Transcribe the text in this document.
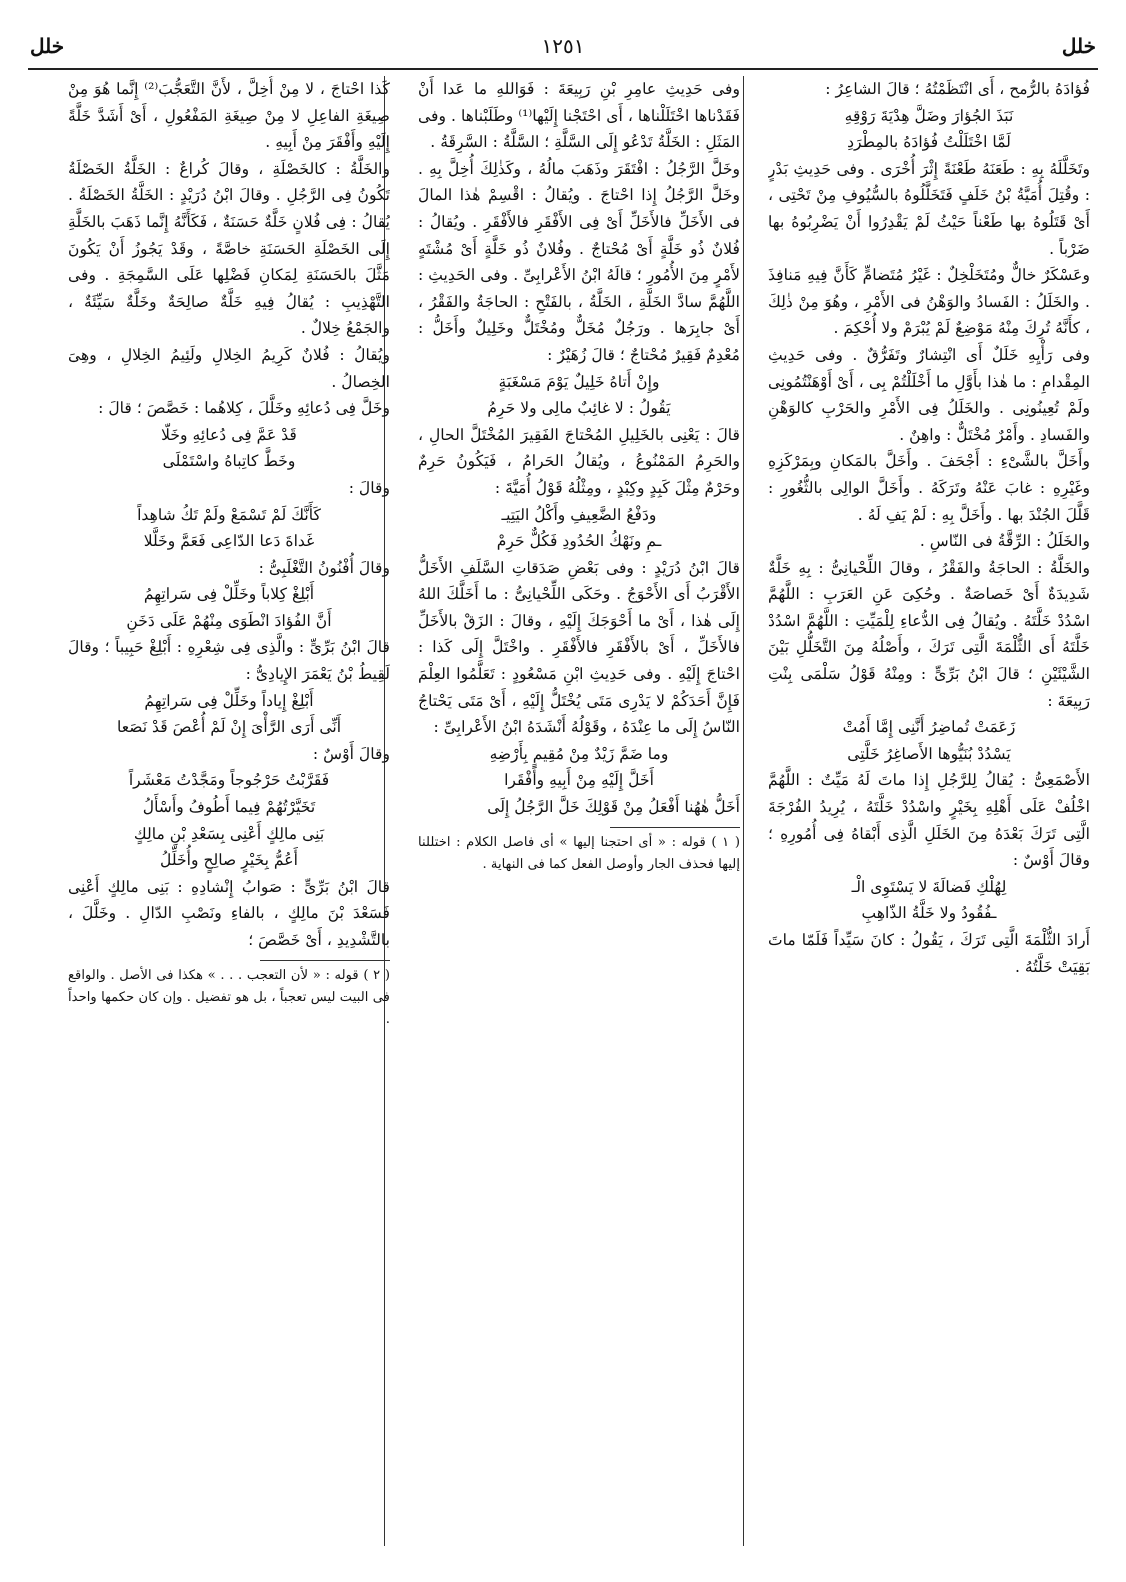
خلل
١٢٥١
خلل

فُؤادَهُ بالرُّمح ، أَى انْتَظَمْتُهُ ؛ قالَ الشاعِرُ :

نَبَذَ الجُؤارَ وضَلَّ هِدْيَةَ رَوْقِهِ

لَمَّا اخْتَلَلْتُ فُؤادَهُ بالمِطْرَدِ

وتَخَلَّلَهُ بِهِ : طَعَنَهُ طَعْنَةً إِثْرَ أُخْرَى . وفى حَدِيثِ بَدْرٍ : وقُتِلَ أُمَيَّةُ بْنُ خَلَفٍ فَتَخَلَّلُوهُ بالسُّيُوفِ مِنْ تَحْتِى ، أَىْ قَتَلُوهُ بها طَعْناً حَيْثُ لَمْ يَقْدِرُوا أَنْ يَضْرِبُوهُ بها ضَرْباً .

وعَسْكَرٌ خالٌّ ومُتَخَلْخِلٌ : غَيْرُ مُتَضامٍّ كَأَنَّ فِيهِ مَنافِذَ . والخَلَلُ : الفَسادُ والوَهْنُ فى الأَمْرِ ، وهُوَ مِنْ ذٰلِكَ ، كأَنَّهُ تُرِكَ مِنْهُ مَوْضِعٌ لَمْ يُبْرَمْ ولا أُحْكِمَ .

وفى رَأْيِهِ خَلَلٌ أَى انْتِشارٌ وتَفَرُّقٌ . وفى حَدِيثِ المِقْدامِ : ما هٰذا بأَوَّلِ ما أَخْلَلْتُمْ بِى ، أَىْ أَوْهَنْتُمُونِى ولَمْ تُعِينُونِى . والخَلَلُ فِى الأَمْرِ والحَرْبِ كالوَهْنِ والفَسادِ . وأَمْرٌ مُخْتَلٌّ : واهِنٌ .

وأَخَلَّ بالشَّىْءِ : أَجْحَفَ . وأَخَلَّ بالمَكانِ وبِمَرْكَزِهِ وغَيْرِهِ : غابَ عَنْهُ وتَرَكَهُ . وأَخَلَّ الوالِى بالثُّغُورِ : قَلَّلَ الجُنْدَ بها . وأَخَلَّ بِهِ : لَمْ يَفِ لَهُ .

والخَلَلُ : الرِّقَّةُ فى النّاسِ .

والخَلَّةُ : الحاجَةُ والفَقْرُ ، وقالَ اللِّحْيانِىُّ : بِهِ خَلَّةٌ شَدِيدَةٌ أَىْ خَصاصَةٌ . وحُكِىَ عَنِ العَرَبِ : اللَّهُمَّ اسْدُدْ خَلَّتَهُ . ويُقالُ فِى الدُّعاءِ لِلْمَيِّتِ : اللَّهُمَّ اسْدُدْ خَلَّتَهُ أَى الثُّلْمَةَ الَّتِى تَرَكَ ، وأَصْلُهُ مِنَ التَّخَلُّلِ بَيْنَ الشَّيْئَيْنِ ؛ قالَ ابْنُ بَرِّىٍّ : ومِنْهُ قَوْلُ سَلْمَى بِنْتِ رَبِيعَةَ :

زَعَمَتْ تُماضِرُ أَنَّنِى إِمَّا أَمُتْ

يَسْدُدْ بُنَيُّوها الأَصاغِرُ خَلَّتِى

الأَصْمَعِىُّ : يُقالُ لِلرَّجُلِ إِذا ماتَ لَهُ مَيِّتٌ : اللَّهُمَّ اخْلُفْ عَلَى أَهْلِهِ بِخَيْرٍ واسْدُدْ خَلَّتَهُ ، يُرِيدُ الفُرْجَةَ الَّتِى تَرَكَ بَعْدَهُ مِنَ الخَلَلِ الَّذِى أَبْقاهُ فِى أُمُورِهِ ؛ وقالَ أَوْسٌ :

لِهُلْكِ فَضالَةَ لا يَسْتَوِى الْـ

ـفُقُودُ ولا خَلَّةُ الذّاهِبِ

أَرادَ الثُّلْمَةَ الَّتِى تَرَكَ ، يَقُولُ : كانَ سَيِّداً فَلَمّا ماتَ بَقِيَتْ خَلَّتُهُ .

وفى حَدِيثِ عامِرِ بْنِ رَبِيعَةَ : فَوَاللهِ ما عَدا أَنْ فَقَدْناها اخْتَلَلْناها ، أَى احْتَجْنا إِلَيْها⁽¹⁾ وطَلَبْناها . وفى المَثَلِ : الخَلَّةُ تَدْعُو إِلَى السَّلَّةِ ؛ السَّلَّةُ : السَّرِقَةُ .

وخَلَّ الرَّجُلُ : افْتَقَرَ وذَهَبَ مالُهُ ، وكَذٰلِكَ أُخِلَّ بِهِ . وخَلَّ الرَّجُلُ إِذا احْتاجَ . ويُقالُ : اقْسِمْ هٰذا المالَ فى الأَخَلِّ فالأَخَلِّ أَىْ فِى الأَفْقَرِ فالأَفْقَرِ . ويُقالُ : فُلانٌ ذُو خَلَّةٍ أَىْ مُحْتاجٌ . وفُلانٌ ذُو خَلَّةٍ أَىْ مُشْتَهٍ لأَمْرٍ مِنَ الأُمُورِ ؛ قالَهُ ابْنُ الأَعْرابِىِّ . وفى الحَدِيثِ : اللَّهُمَّ سادَّ الخَلَّةِ ، الخَلَّةُ ، بالفَتْحِ : الحاجَةُ والفَقْرُ ، أَىْ جابِرَها . ورَجُلٌ مُخَلٌّ ومُخْتَلٌّ وخَلِيلٌ وأَخَلُّ : مُعْدِمٌ فَقِيرٌ مُحْتاجٌ ؛ قالَ زُهَيْرٌ :

وإِنْ أَتاهُ خَلِيلٌ يَوْمَ مَسْغَبَةٍ

يَقُولُ : لا غائِبٌ مالِى ولا حَرِمُ

قالَ : يَعْنِى بالخَلِيلِ المُحْتاجَ الفَقِيرَ المُخْتَلَّ الحالِ ، والحَرِمُ المَمْنُوعُ ، ويُقالُ الحَرامُ ، فَيَكُونُ حَرِمٌ وحَرْمٌ مِثْلَ كَبِدٍ وكِبْدٍ ، ومِثْلُهُ قَوْلُ أُمَيَّةَ :

ودَفْعُ الضَّعِيفِ وأَكْلُ اليَتِيـ

ـمِ ونَهْكُ الحُدُودِ فَكُلٌّ حَرِمْ

قالَ ابْنُ دُرَيْدٍ : وفى بَعْضِ صَدَقاتِ السَّلَفِ الأَخَلُّ الأَقْرَبُ أَى الأَحْوَجُ . وحَكَى اللِّحْيانِىُّ : ما أَخَلَّكَ اللهُ إِلَى هٰذا ، أَىْ ما أَحْوَجَكَ إِلَيْهِ ، وقالَ : الزَقْ بالأَخَلِّ فالأَخَلِّ ، أَىْ بالأَفْقَرِ فالأَفْقَرِ . واخْتَلَّ إِلَى كَذا : احْتاجَ إِلَيْهِ . وفى حَدِيثِ ابْنِ مَسْعُودٍ : تَعَلَّمُوا العِلْمَ فَإِنَّ أَحَدَكُمْ لا يَدْرِى مَتَى يُخْتَلُّ إِلَيْهِ ، أَىْ مَتَى يَحْتاجُ النّاسُ إِلَى ما عِنْدَهُ ، وقَوْلُهُ أَنْشَدَهُ ابْنُ الأَعْرابِىِّ :

وما ضَمَّ زَيْدٌ مِنْ مُقِيمٍ بِأَرْضِهِ

أَخَلَّ إِلَيْهِ مِنْ أَبِيهِ وأَفْقَرا

أَخَلُّ هٰهُنا أَفْعَلُ مِنْ قَوْلِكَ خَلَّ الرَّجُلُ إِلَى

( ١ ) قوله : « أى احتجنا إليها » أى فاصل الكلام : اختللنا إليها فحذف الجار وأوصل الفعل كما فى النهاية .

كَذا احْتاجَ ، لا مِنْ أُخِلَّ ، لأَنَّ التَّعَجُّبَ⁽²⁾ إِنَّما هُوَ مِنْ صِيغَةِ الفاعِلِ لا مِنْ صِيغَةِ المَفْعُولِ ، أَىْ أَشَدَّ خَلَّةً إِلَيْهِ وأَفْقَرَ مِنْ أَبِيهِ .

والخَلَّةُ : كالخَصْلَةِ ، وقالَ كُراعٌ : الخَلَّةُ الخَصْلَةُ تَكُونُ فِى الرَّجُلِ . وقالَ ابْنُ دُرَيْدٍ : الخَلَّةُ الخَصْلَةُ . يُقالُ : فِى فُلانٍ خَلَّةٌ حَسَنَةٌ ، فَكَأَنَّهُ إِنَّما ذَهَبَ بالخَلَّةِ إِلَى الخَصْلَةِ الحَسَنَةِ خاصَّةً ، وقَدْ يَجُوزُ أَنْ يَكُونَ مَثَّلَ بالحَسَنَةِ لِمَكانِ فَضْلِها عَلَى السَّمِجَةِ . وفى التَّهْذِيبِ : يُقالُ فِيهِ خَلَّةٌ صالِحَةٌ وخَلَّةٌ سَيِّئَةٌ ، والجَمْعُ خِلالٌ .

ويُقالُ : فُلانٌ كَرِيمُ الخِلالِ ولَئِيمُ الخِلالِ ، وهِىَ الخِصالُ .

وخَلَّ فِى دُعائِهِ وخَلَّلَ ، كِلاهُما : خَصَّصَ ؛ قالَ :

قَدْ عَمَّ فِى دُعائِهِ وخَلّا

وخَطَّ كاتِباهُ واسْتَمْلَى

وقالَ :

كَأَنَّكَ لَمْ تَسْمَعْ ولَمْ تَكُ شاهِداً

غَداةَ دَعا الدّاعِى فَعَمَّ وخَلَّلا

وقالَ أُفْنُونُ التَّغْلَبِىُّ :

أَبْلِغْ كِلاباً وخَلِّلْ فِى سَراتِهِمُ

أَنَّ الفُؤادَ انْطَوَى مِنْهُمْ عَلَى دَخَنِ

قالَ ابْنُ بَرِّىٍّ : والَّذِى فِى شِعْرِهِ : أَبْلِغْ حَبِيباً ؛ وقالَ لَقِيطُ بْنُ يَعْمَرَ الإِيادِىُّ :

أَبْلِغْ إِياداً وخَلِّلْ فِى سَراتِهِمُ

أَنِّى أَرَى الرَّأْىَ إِنْ لَمْ أُعْصَ قَدْ نَصَعا

وقالَ أَوْسٌ :

فَقَرَّبْتُ حَرْجُوجاً ومَجَّدْتُ مَعْشَراً

تَخَيَّرْتُهُمْ فِيما أَطُوفُ وأَسْأَلُ

بَنِى مالِكٍ أَعْنِى بِسَعْدِ بْنِ مالِكٍ

أَعُمُّ بِخَيْرٍ صالِحٍ وأُخَلِّلُ

قالَ ابْنُ بَرِّىٍّ : صَوابُ إِنْشادِهِ : بَنِى مالِكٍ أَعْنِى فَسَعْدَ بْنَ مالِكٍ ، بالفاءِ ونَصْبِ الدّالِ . وخَلَّلَ ، بالتَّشْدِيدِ ، أَىْ خَصَّصَ ؛

( ٢ ) قوله : « لأن التعجب . . . » هكذا فى الأصل . والواقع فى البيت ليس تعجباً ، بل هو تفضيل . وإن كان حكمها واحداً .
